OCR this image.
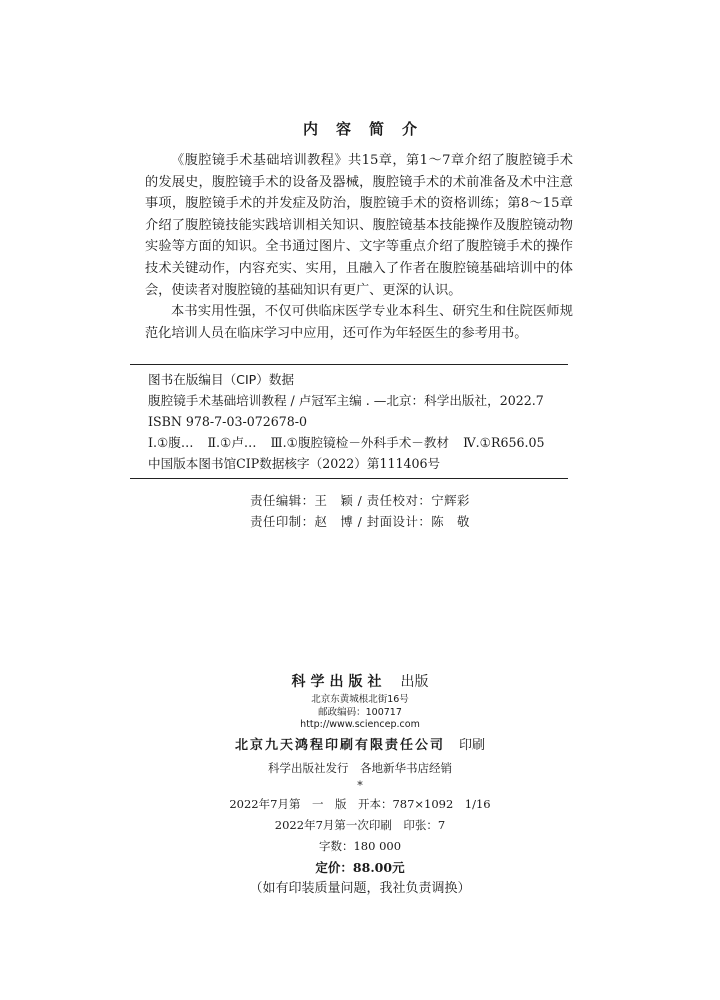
内容简介

《腹腔镜手术基础培训教程》共15章，第1～7章介绍了腹腔镜手术的发展史，腹腔镜手术的设备及器械，腹腔镜手术的术前准备及术中注意事项，腹腔镜手术的并发症及防治，腹腔镜手术的资格训练；第8～15章介绍了腹腔镜技能实践培训相关知识、腹腔镜基本技能操作及腹腔镜动物实验等方面的知识。全书通过图片、文字等重点介绍了腹腔镜手术的操作技术关键动作，内容充实、实用，且融入了作者在腹腔镜基础培训中的体会，使读者对腹腔镜的基础知识有更广、更深的认识。

本书实用性强，不仅可供临床医学专业本科生、研究生和住院医师规范化培训人员在临床学习中应用，还可作为年轻医生的参考用书。

图书在版编目（CIP）数据
腹腔镜手术基础培训教程 / 卢冠军主编 . —北京：科学出版社，2022.7
ISBN 978-7-03-072678-0
Ⅰ.①腹… Ⅱ.①卢… Ⅲ.①腹腔镜检－外科手术－教材 Ⅳ.①R656.05
中国版本图书馆CIP数据核字（2022）第111406号
责任编辑：王　颖 / 责任校对：宁辉彩
责任印制：赵　博 / 封面设计：陈　敬
科学出版社 出版
北京东黄城根北街16号
邮政编码：100717
http://www.sciencep.com
北京九天鸿程印刷有限责任公司 印刷
科学出版社发行　各地新华书店经销
*
2022年7月第　一　版　开本：787×1092　1/16
2022年7月第一次印刷　印张：7
字数：180 000
定价：88.00元
（如有印装质量问题，我社负责调换）
